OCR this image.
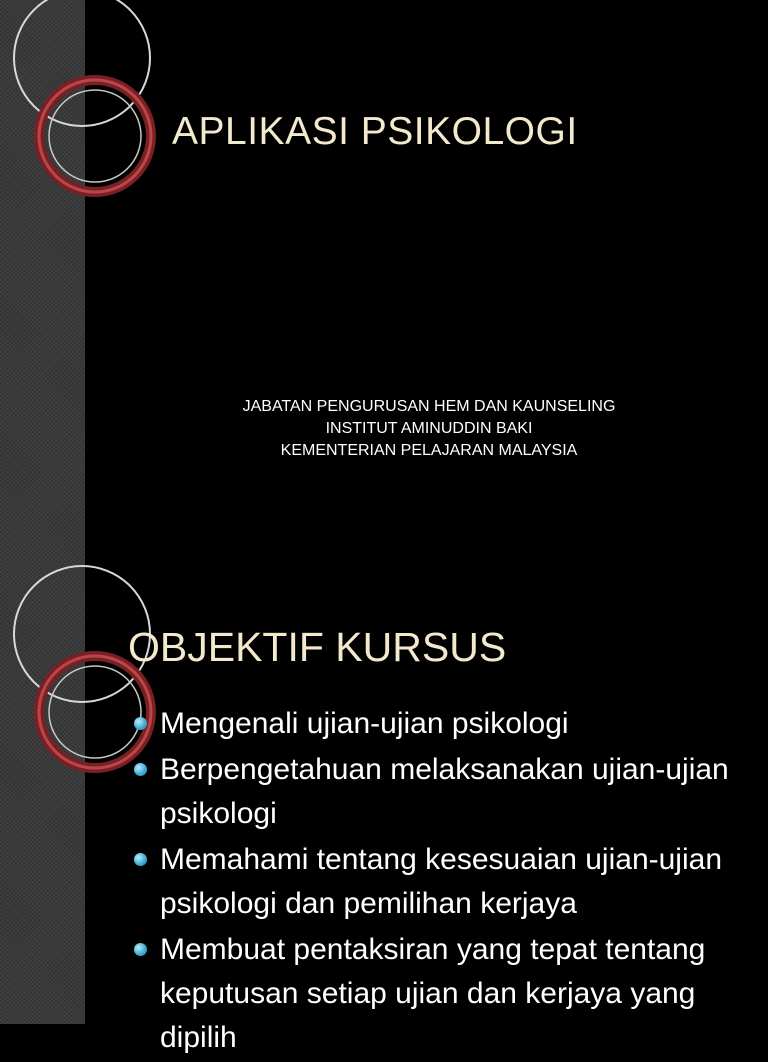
APLIKASI PSIKOLOGI
JABATAN PENGURUSAN HEM DAN KAUNSELING
INSTITUT AMINUDDIN BAKI
KEMENTERIAN PELAJARAN MALAYSIA
OBJEKTIF KURSUS
Mengenali ujian-ujian psikologi
Berpengetahuan melaksanakan ujian-ujian psikologi
Memahami tentang kesesuaian ujian-ujian psikologi dan pemilihan kerjaya
Membuat pentaksiran yang tepat tentang keputusan setiap ujian dan kerjaya yang dipilih
